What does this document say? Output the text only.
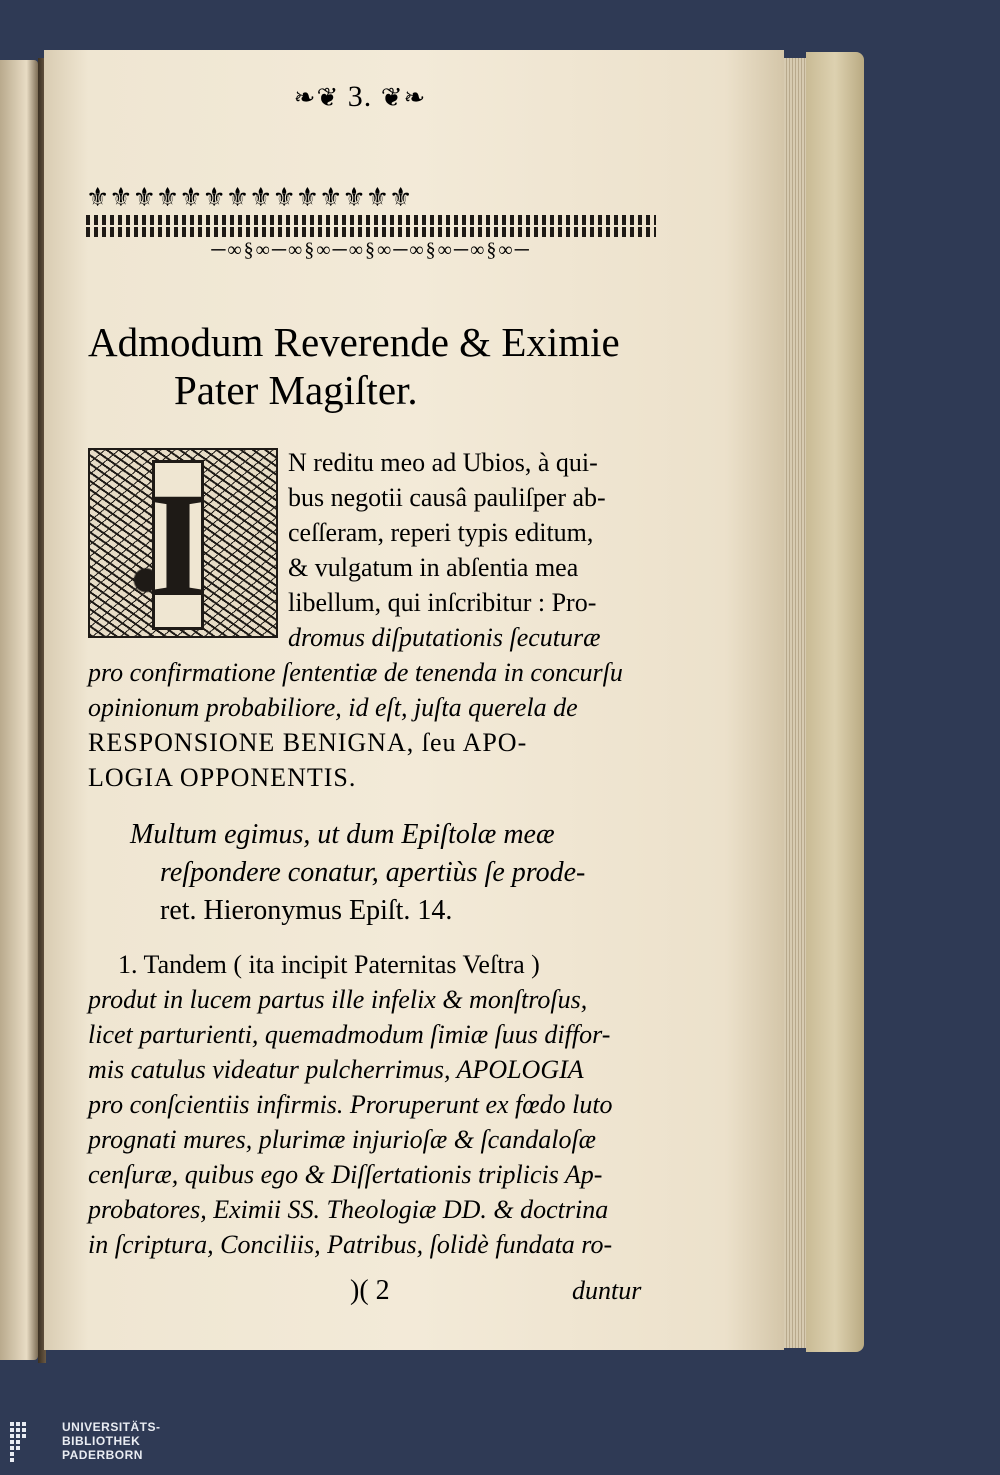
❧❦ 3. ❦❧
⚜⚜⚜⚜⚜⚜⚜⚜⚜⚜⚜⚜⚜⚜
─∞§∞─∞§∞─∞§∞─∞§∞─∞§∞─
Admodum Reverende & Eximie
Pater Magiſter.
I	N reditu meo ad Ubios, à qui-
bus negotii causâ pauliſper ab-
ceſſeram, reperi typis editum,
& vulgatum in abſentia mea
libellum, qui inſcribitur : Pro-
dromus diſputationis ſecuturæ
pro confirmatione ſententiæ de tenenda in concurſu
opinionum probabiliore, id eſt, juſta querela de
RESPONSIONE BENIGNA, ſeu APO-
LOGIA OPPONENTIS.
Multum egimus, ut dum Epiſtolæ meæ
reſpondere conatur, apertiùs ſe prode-
ret. Hieronymus Epiſt. 14.
1. Tandem ( ita incipit Paternitas Veſtra )
produt in lucem partus ille infelix & monſtroſus,
licet parturienti, quemadmodum ſimiæ ſuus diffor-
mis catulus videatur pulcherrimus, APOLOGIA
pro conſcientiis infirmis. Proruperunt ex fœdo luto
prognati mures, plurimæ injurioſæ & ſcandaloſæ
cenſuræ, quibus ego & Diſſertationis triplicis Ap-
probatores, Eximii SS. Theologiæ DD. & doctrina
in ſcriptura, Conciliis, Patribus, ſolidè fundata ro-
)( 2	duntur
UNIVERSITÄTS-
BIBLIOTHEK
PADERBORN
